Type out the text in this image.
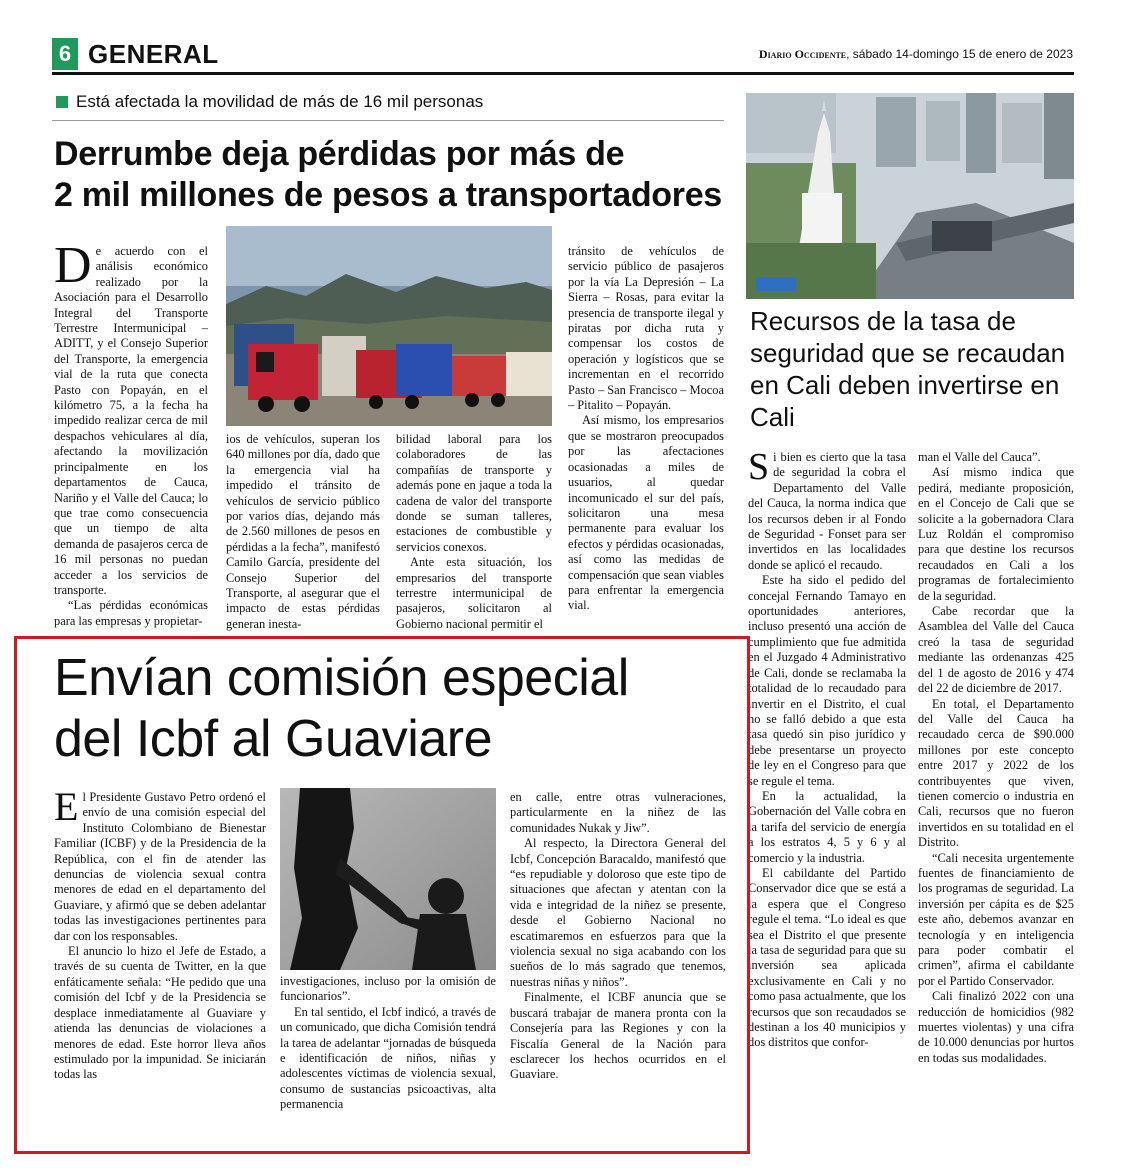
6 GENERAL	Diario Occidente, sábado 14-domingo 15 de enero de 2023
Está afectada la movilidad de más de 16 mil personas
Derrumbe deja pérdidas por más de
2 mil millones de pesos a transportadores

De acuerdo con el análisis económico realizado por la Asociación para el Desarrollo Integral del Transporte Terrestre Intermunicipal – ADITT, y el Consejo Superior del Transporte, la emergencia vial de la ruta que conecta Pasto con Popayán, en el kilómetro 75, a la fecha ha impedido realizar cerca de mil despachos vehiculares al día, afectando la movilización principalmente en los departamentos de Cauca, Nariño y el Valle del Cauca; lo que trae como consecuencia que un tiempo de alta demanda de pasajeros cerca de 16 mil personas no puedan acceder a los servicios de transporte.

“Las pérdidas económicas para las empresas y propietar-

ios de vehículos, superan los 640 millones por día, dado que la emergencia vial ha impedido el tránsito de vehículos de servicio público por varios días, dejando más de 2.560 millones de pesos en pérdidas a la fecha”, manifestó Camilo García, presidente del Consejo Superior del Transporte, al asegurar que el impacto de estas pérdidas generan inesta-

bilidad laboral para los colaboradores de las compañías de transporte y además pone en jaque a toda la cadena de valor del transporte donde se suman talleres, estaciones de combustible y servicios conexos.

Ante esta situación, los empresarios del transporte terrestre intermunicipal de pasajeros, solicitaron al Gobierno nacional permitir el

tránsito de vehículos de servicio público de pasajeros por la vía La Depresión – La Sierra – Rosas, para evitar la presencia de transporte ilegal y piratas por dicha ruta y compensar los costos de operación y logísticos que se incrementan en el recorrido Pasto – San Francisco – Mocoa – Pitalito – Popayán.

Así mismo, los empresarios que se mostraron preocupados por las afectaciones ocasionadas a miles de usuarios, al quedar incomunicado el sur del país, solicitaron una mesa permanente para evaluar los efectos y pérdidas ocasionadas, así como las medidas de compensación que sean viables para enfrentar la emergencia vial.

Recursos de la tasa de seguridad que se recaudan en Cali deben invertirse en Cali

Si bien es cierto que la tasa de seguridad la cobra el Departamento del Valle del Cauca, la norma indica que los recursos deben ir al Fondo de Seguridad - Fonset para ser invertidos en las localidades donde se aplicó el recaudo.

Este ha sido el pedido del concejal Fernando Tamayo en oportunidades anteriores, incluso presentó una acción de cumplimiento que fue admitida en el Juzgado 4 Administrativo de Cali, donde se reclamaba la totalidad de lo recaudado para invertir en el Distrito, el cual no se falló debido a que esta tasa quedó sin piso jurídico y debe presentarse un proyecto de ley en el Congreso para que se regule el tema.

En la actualidad, la Gobernación del Valle cobra en la tarifa del servicio de energía a los estratos 4, 5 y 6 y al comercio y la industria.

El cabildante del Partido Conservador dice que se está a la espera que el Congreso regule el tema. “Lo ideal es que sea el Distrito el que presente la tasa de seguridad para que su inversión sea aplicada exclusivamente en Cali y no como pasa actualmente, que los recursos que son recaudados se destinan a los 40 municipios y dos distritos que confor-

man el Valle del Cauca”.

Así mismo indica que pedirá, mediante proposición, en el Concejo de Cali que se solicite a la gobernadora Clara Luz Roldán el compromiso para que destine los recursos recaudados en Cali a los programas de fortalecimiento de la seguridad.

Cabe recordar que la Asamblea del Valle del Cauca creó la tasa de seguridad mediante las ordenanzas 425 del 1 de agosto de 2016 y 474 del 22 de diciembre de 2017.

En total, el Departamento del Valle del Cauca ha recaudado cerca de $90.000 millones por este concepto entre 2017 y 2022 de los contribuyentes que viven, tienen comercio o industria en Cali, recursos que no fueron invertidos en su totalidad en el Distrito.

“Cali necesita urgentemente fuentes de financiamiento de los programas de seguridad. La inversión per cápita es de $25 este año, debemos avanzar en tecnología y en inteligencia para poder combatir el crimen”, afirma el cabildante por el Partido Conservador.

Cali finalizó 2022 con una reducción de homicidios (982 muertes violentas) y una cifra de 10.000 denuncias por hurtos en todas sus modalidades.

Envían comisión especial
del Icbf al Guaviare

El Presidente Gustavo Petro ordenó el envío de una comisión especial del Instituto Colombiano de Bienestar Familiar (ICBF) y de la Presidencia de la República, con el fin de atender las denuncias de violencia sexual contra menores de edad en el departamento del Guaviare, y afirmó que se deben adelantar todas las investigaciones pertinentes para dar con los responsables.

El anuncio lo hizo el Jefe de Estado, a través de su cuenta de Twitter, en la que enfáticamente señala: “He pedido que una comisión del Icbf y de la Presidencia se desplace inmediatamente al Guaviare y atienda las denuncias de violaciones a menores de edad. Este horror lleva años estimulado por la impunidad. Se iniciarán todas las

investigaciones, incluso por la omisión de funcionarios”.

En tal sentido, el Icbf indicó, a través de un comunicado, que dicha Comisión tendrá la tarea de adelantar “jornadas de búsqueda e identificación de niños, niñas y adolescentes víctimas de violencia sexual, consumo de sustancias psicoactivas, alta permanencia

en calle, entre otras vulneraciones, particularmente en la niñez de las comunidades Nukak y Jiw”.

Al respecto, la Directora General del Icbf, Concepción Baracaldo, manifestó que “es repudiable y doloroso que este tipo de situaciones que afectan y atentan con la vida e integridad de la niñez se presente, desde el Gobierno Nacional no escatimaremos en esfuerzos para que la violencia sexual no siga acabando con los sueños de lo más sagrado que tenemos, nuestras niñas y niños”.

Finalmente, el ICBF anuncia que se buscará trabajar de manera pronta con la Consejería para las Regiones y con la Fiscalía General de la Nación para esclarecer los hechos ocurridos en el Guaviare.
